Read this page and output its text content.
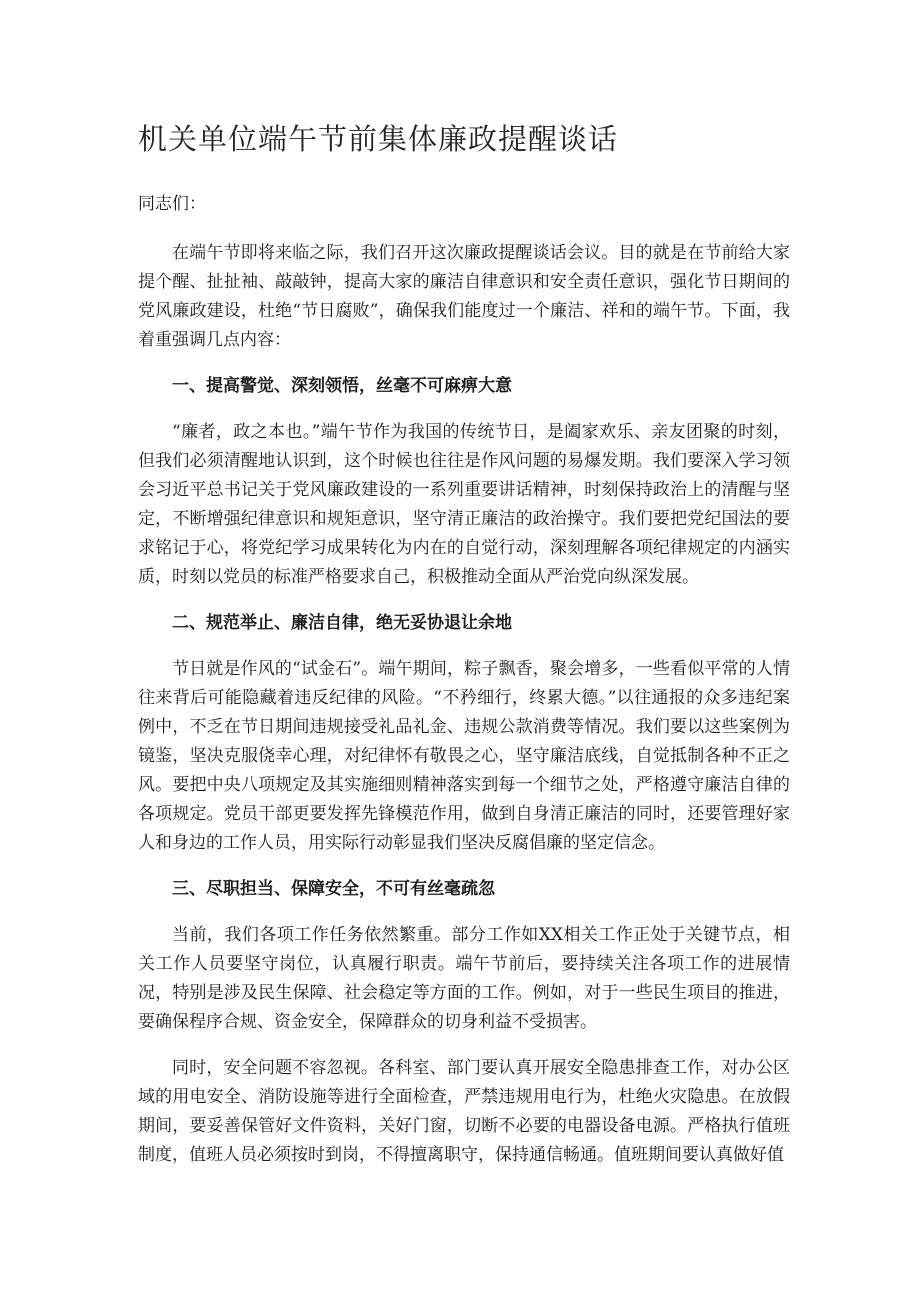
机关单位端午节前集体廉政提醒谈话

同志们：

在端午节即将来临之际，我们召开这次廉政提醒谈话会议。目的就是在节前给大家提个醒、扯扯袖、敲敲钟，提高大家的廉洁自律意识和安全责任意识，强化节日期间的党风廉政建设，杜绝“节日腐败”，确保我们能度过一个廉洁、祥和的端午节。下面，我着重强调几点内容：

一、提高警觉、深刻领悟，丝毫不可麻痹大意

“廉者，政之本也。”端午节作为我国的传统节日，是阖家欢乐、亲友团聚的时刻，但我们必须清醒地认识到，这个时候也往往是作风问题的易爆发期。我们要深入学习领会习近平总书记关于党风廉政建设的一系列重要讲话精神，时刻保持政治上的清醒与坚定，不断增强纪律意识和规矩意识，坚守清正廉洁的政治操守。我们要把党纪国法的要求铭记于心，将党纪学习成果转化为内在的自觉行动，深刻理解各项纪律规定的内涵实质，时刻以党员的标准严格要求自己，积极推动全面从严治党向纵深发展。

二、规范举止、廉洁自律，绝无妥协退让余地

节日就是作风的“试金石”。端午期间，粽子飘香，聚会增多，一些看似平常的人情往来背后可能隐藏着违反纪律的风险。“不矜细行，终累大德。”以往通报的众多违纪案例中，不乏在节日期间违规接受礼品礼金、违规公款消费等情况。我们要以这些案例为镜鉴，坚决克服侥幸心理，对纪律怀有敬畏之心，坚守廉洁底线，自觉抵制各种不正之风。要把中央八项规定及其实施细则精神落实到每一个细节之处，严格遵守廉洁自律的各项规定。党员干部更要发挥先锋模范作用，做到自身清正廉洁的同时，还要管理好家人和身边的工作人员，用实际行动彰显我们坚决反腐倡廉的坚定信念。

三、尽职担当、保障安全，不可有丝毫疏忽

当前，我们各项工作任务依然繁重。部分工作如XX相关工作正处于关键节点，相关工作人员要坚守岗位，认真履行职责。端午节前后，要持续关注各项工作的进展情况，特别是涉及民生保障、社会稳定等方面的工作。例如，对于一些民生项目的推进，要确保程序合规、资金安全，保障群众的切身利益不受损害。

同时，安全问题不容忽视。各科室、部门要认真开展安全隐患排查工作，对办公区域的用电安全、消防设施等进行全面检查，严禁违规用电行为，杜绝火灾隐患。在放假期间，要妥善保管好文件资料，关好门窗，切断不必要的电器设备电源。严格执行值班制度，值班人员必须按时到岗，不得擅离职守，保持通信畅通。值班期间要认真做好值
